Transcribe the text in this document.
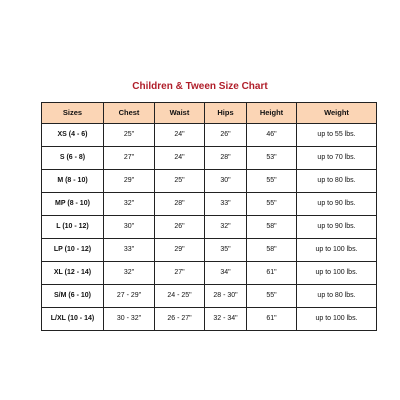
Children & Tween Size Chart
Sizes	Chest	Waist	Hips	Height	Weight
XS (4 - 6)	25"	24"	26"	46"	up to 55 lbs.
S (6 - 8)	27"	24"	28"	53"	up to 70 lbs.
M (8 - 10)	29"	25"	30"	55"	up to 80 lbs.
MP (8 - 10)	32"	28"	33"	55"	up to 90 lbs.
L (10 - 12)	30"	26"	32"	58"	up to 90 lbs.
LP (10 - 12)	33"	29"	35"	58"	up to 100 lbs.
XL (12 - 14)	32"	27"	34"	61"	up to 100 lbs.
S/M (6 - 10)	27 - 29"	24 - 25"	28 - 30"	55"	up to 80 lbs.
L/XL (10 - 14)	30 - 32"	26 - 27"	32 - 34"	61"	up to 100 lbs.
